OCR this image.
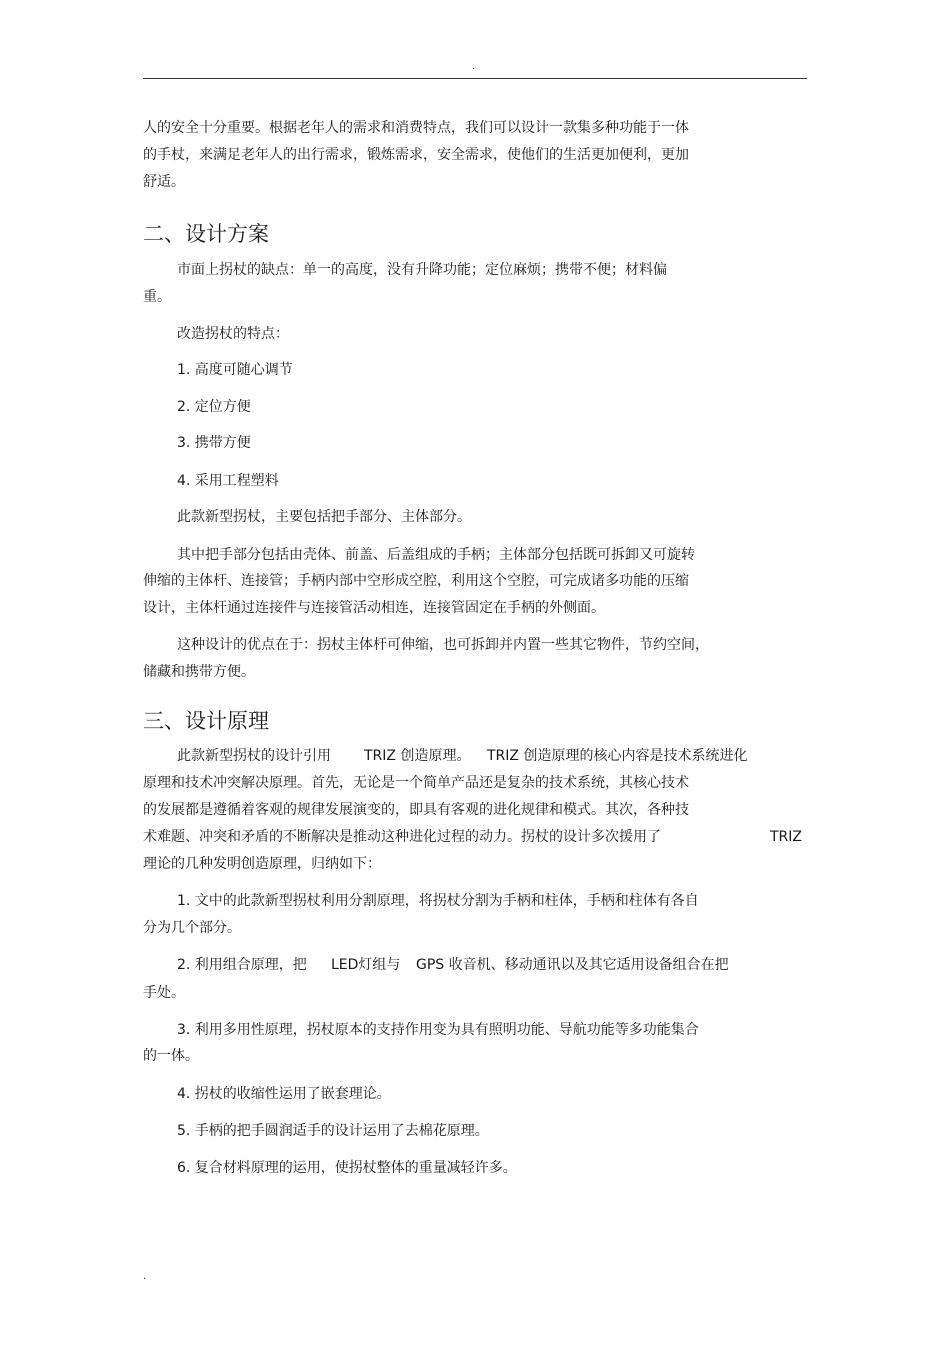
.
人的安全十分重要。根据老年人的需求和消费特点，我们可以设计一款集多种功能于一体
的手杖，来满足老年人的出行需求，锻炼需求，安全需求，使他们的生活更加便利，更加
舒适。
二、设计方案
市面上拐杖的缺点：单一的高度，没有升降功能；定位麻烦；携带不便；材料偏
重。
改造拐杖的特点：
1. 高度可随心调节
2. 定位方便
3. 携带方便
4. 采用工程塑料
此款新型拐杖，主要包括把手部分、主体部分。
其中把手部分包括由壳体、前盖、后盖组成的手柄；主体部分包括既可拆卸又可旋转
伸缩的主体杆、连接管；手柄内部中空形成空腔，利用这个空腔，可完成诸多功能的压缩
设计，主体杆通过连接件与连接管活动相连，连接管固定在手柄的外侧面。
这种设计的优点在于：拐杖主体杆可伸缩，也可拆卸并内置一些其它物件，节约空间，
储藏和携带方便。
三、设计原理
此款新型拐杖的设计引用 TRIZ 创造原理。 TRIZ 创造原理的核心内容是技术系统进化
原理和技术冲突解决原理。首先，无论是一个简单产品还是复杂的技术系统，其核心技术
的发展都是遵循着客观的规律发展演变的，即具有客观的进化规律和模式。其次，各种技
术难题、冲突和矛盾的不断解决是推动这种进化过程的动力。拐杖的设计多次援用了	TRIZ
理论的几种发明创造原理，归纳如下：
1. 文中的此款新型拐杖利用分割原理，将拐杖分割为手柄和柱体，手柄和柱体有各自
分为几个部分。
2. 利用组合原理，把 LED灯组与 GPS 收音机、移动通讯以及其它适用设备组合在把
手处。
3. 利用多用性原理，拐杖原本的支持作用变为具有照明功能、导航功能等多功能集合
的一体。
4. 拐杖的收缩性运用了嵌套理论。
5. 手柄的把手圆润适手的设计运用了去棉花原理。
6. 复合材料原理的运用，使拐杖整体的重量减轻许多。
.
